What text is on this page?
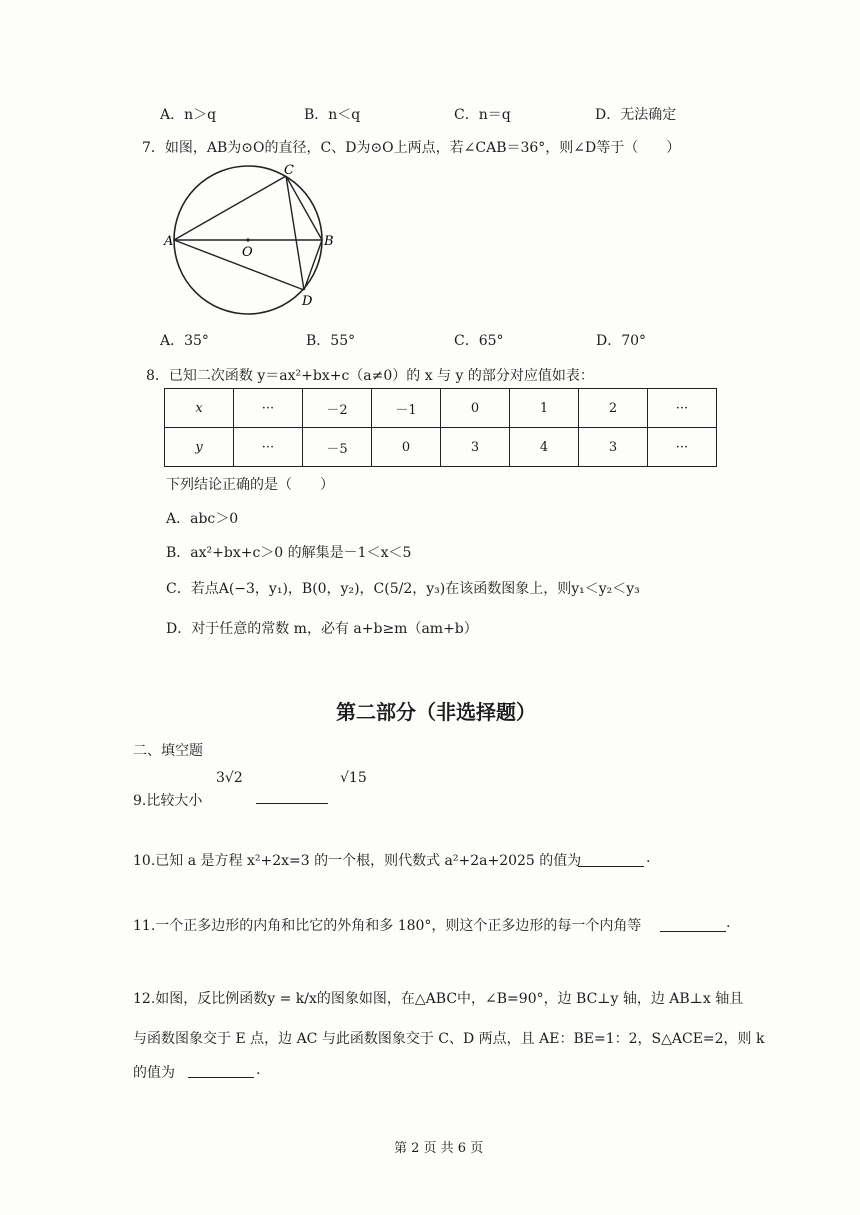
A．n＞q	B．n＜q	C．n＝q	D．无法确定
7．如图，AB为⊙O的直径，C、D为⊙O上两点，若∠CAB＝36°，则∠D等于（　　）
A	B
C
D
O
A．35°	B．55°	C．65°	D．70°
8．已知二次函数 y＝ax²+bx+c（a≠0）的 x 与 y 的部分对应值如表：
x	···	－2	－1	0	1	2	···
y	···	－5	0	3	4	3	···
下列结论正确的是（　　）
A．abc＞0
B．ax²+bx+c＞0 的解集是－1＜x＜5
C．若点A(−3，y₁)，B(0，y₂)，C(5/2，y₃)在该函数图象上，则y₁＜y₂＜y₃
D．对于任意的常数 m，必有 a+b≥m（am+b）
第二部分（非选择题）
二、填空题
9.比较大小
3√2	√15
10.已知 a 是方程 x²+2x=3 的一个根，则代数式 a²+2a+2025 的值为	.
11.一个正多边形的内角和比它的外角和多 180°，则这个正多边形的每一个内角等	.
12.如图，反比例函数y = k/x的图象如图，在△ABC中，∠B=90°，边 BC⊥y 轴，边 AB⊥x 轴且
与函数图象交于 E 点，边 AC 与此函数图象交于 C、D 两点，且 AE：BE=1：2，S△ACE=2，则 k
的值为	.
第 2 页 共 6 页
